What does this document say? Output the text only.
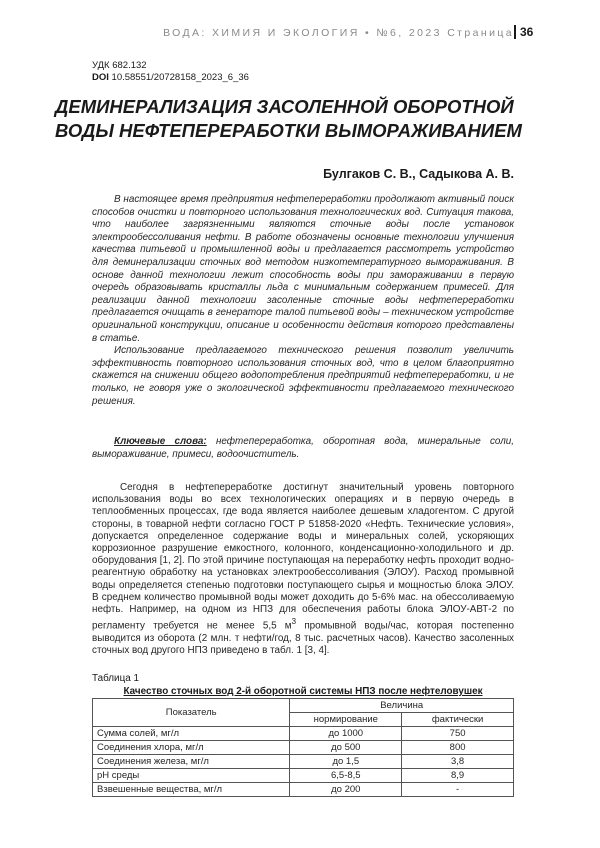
ВОДА: ХИМИЯ И ЭКОЛОГИЯ • №6, 2023 Страница 36
УДК 682.132
DOI 10.58551/20728158_2023_6_36
ДЕМИНЕРАЛИЗАЦИЯ ЗАСОЛЕННОЙ ОБОРОТНОЙ ВОДЫ НЕФТЕПЕРЕРАБОТКИ ВЫМОРАЖИВАНИЕМ
Булгаков С. В., Садыкова А. В.

В настоящее время предприятия нефтепереработки продолжают активный поиск способов очистки и повторного использования технологических вод. Ситуация такова, что наиболее загрязненными являются сточные воды после установок электрообессоливания нефти. В работе обозначены основные технологии улучшения качества питьевой и промышленной воды и предлагается рассмотреть устройство для деминерализации сточных вод методом низкотемпературного вымораживания. В основе данной технологии лежит способность воды при замораживании в первую очередь образовывать кристаллы льда с минимальным содержанием примесей. Для реализации данной технологии засоленные сточные воды нефтепереработки предлагается очищать в генераторе талой питьевой воды – техническом устройстве оригинальной конструкции, описание и особенности действия которого представлены в статье.

Использование предлагаемого технического решения позволит увеличить эффективность повторного использования сточных вод, что в целом благоприятно скажется на снижении общего водопотребления предприятий нефтепереработки, и не только, не говоря уже о экологической эффективности предлагаемого технического решения.

Ключевые слова: нефтепереработка, оборотная вода, минеральные соли, вымораживание, примеси, водоочиститель.

Сегодня в нефтепереработке достигнут значительный уровень повторного использования воды во всех технологических операциях и в первую очередь в теплообменных процессах, где вода является наиболее дешевым хладогентом. С другой стороны, в товарной нефти согласно ГОСТ Р 51858-2020 «Нефть. Технические условия», допускается определенное содержание воды и минеральных солей, ускоряющих коррозионное разрушение емкостного, колонного, конденсационно-холодильного и др. оборудования [1, 2]. По этой причине поступающая на переработку нефть проходит водно-реагентную обработку на установках электрообессоливания (ЭЛОУ). Расход промывной воды определяется степенью подготовки поступающего сырья и мощностью блока ЭЛОУ. В среднем количество промывной воды может доходить до 5-6% мас. на обессоливаемую нефть. Например, на одном из НПЗ для обеспечения работы блока ЭЛОУ-АВТ-2 по регламенту требуется не менее 5,5 $м^3$ промывной воды/час, которая постепенно выводится из оборота (2 млн. т нефти/год, 8 тыс. расчетных часов). Качество засоленных сточных вод другого НПЗ приведено в табл. 1 [3, 4].

Таблица 1
Качество сточных вод 2-й оборотной системы НПЗ после нефтеловушек
Показатель	Величина	
	нормирование	фактически
Сумма солей, мг/л	до 1000	750
Соединения хлора, мг/л	до 500	800
Соединения железа, мг/л	до 1,5	3,8
pH среды	6,5-8,5	8,9
Взвешенные вещества, мг/л	до 200	-
